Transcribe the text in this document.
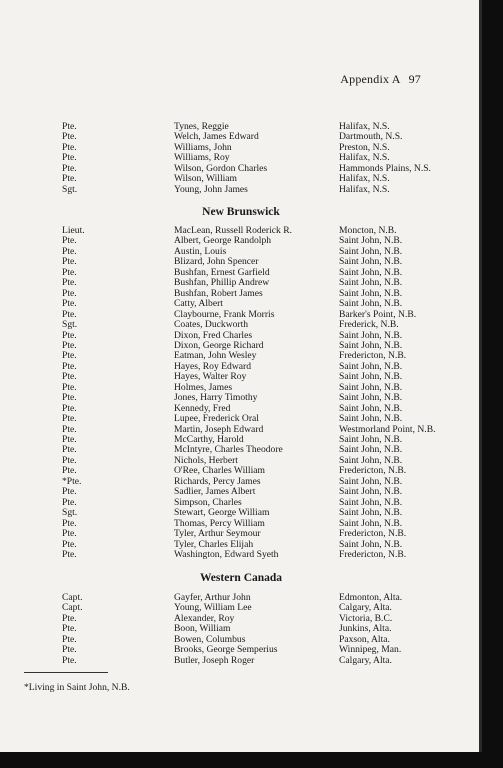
Appendix A 97
Pte.	Tynes, Reggie	Halifax, N.S.
Pte.	Welch, James Edward	Dartmouth, N.S.
Pte.	Williams, John	Preston, N.S.
Pte.	Williams, Roy	Halifax, N.S.
Pte.	Wilson, Gordon Charles	Hammonds Plains, N.S.
Pte.	Wilson, William	Halifax, N.S.
Sgt.	Young, John James	Halifax, N.S.
New Brunswick
Lieut.	MacLean, Russell Roderick R.	Moncton, N.B.
Pte.	Albert, George Randolph	Saint John, N.B.
Pte.	Austin, Louis	Saint John, N.B.
Pte.	Blizard, John Spencer	Saint John, N.B.
Pte.	Bushfan, Ernest Garfield	Saint John, N.B.
Pte.	Bushfan, Phillip Andrew	Saint John, N.B.
Pte.	Bushfan, Robert James	Saint John, N.B.
Pte.	Catty, Albert	Saint John, N.B.
Pte.	Claybourne, Frank Morris	Barker's Point, N.B.
Sgt.	Coates, Duckworth	Frederick, N.B.
Pte.	Dixon, Fred Charles	Saint John, N.B.
Pte.	Dixon, George Richard	Saint John, N.B.
Pte.	Eatman, John Wesley	Fredericton, N.B.
Pte.	Hayes, Roy Edward	Saint John, N.B.
Pte.	Hayes, Walter Roy	Saint John, N.B.
Pte.	Holmes, James	Saint John, N.B.
Pte.	Jones, Harry Timothy	Saint John, N.B.
Pte.	Kennedy, Fred	Saint John, N.B.
Pte.	Lupee, Frederick Oral	Saint John, N.B.
Pte.	Martin, Joseph Edward	Westmorland Point, N.B.
Pte.	McCarthy, Harold	Saint John, N.B.
Pte.	McIntyre, Charles Theodore	Saint John, N.B.
Pte.	Nichols, Herbert	Saint John, N.B.
Pte.	O'Ree, Charles William	Fredericton, N.B.
*Pte.	Richards, Percy James	Saint John, N.B.
Pte.	Sadlier, James Albert	Saint John, N.B.
Pte.	Simpson, Charles	Saint John, N.B.
Sgt.	Stewart, George William	Saint John, N.B.
Pte.	Thomas, Percy William	Saint John, N.B.
Pte.	Tyler, Arthur Seymour	Fredericton, N.B.
Pte.	Tyler, Charles Elijah	Saint John, N.B.
Pte.	Washington, Edward Syeth	Fredericton, N.B.
Western Canada
Capt.	Gayfer, Arthur John	Edmonton, Alta.
Capt.	Young, William Lee	Calgary, Alta.
Pte.	Alexander, Roy	Victoria, B.C.
Pte.	Boon, William	Junkins, Alta.
Pte.	Bowen, Columbus	Paxson, Alta.
Pte.	Brooks, George Semperius	Winnipeg, Man.
Pte.	Butler, Joseph Roger	Calgary, Alta.
*Living in Saint John, N.B.
